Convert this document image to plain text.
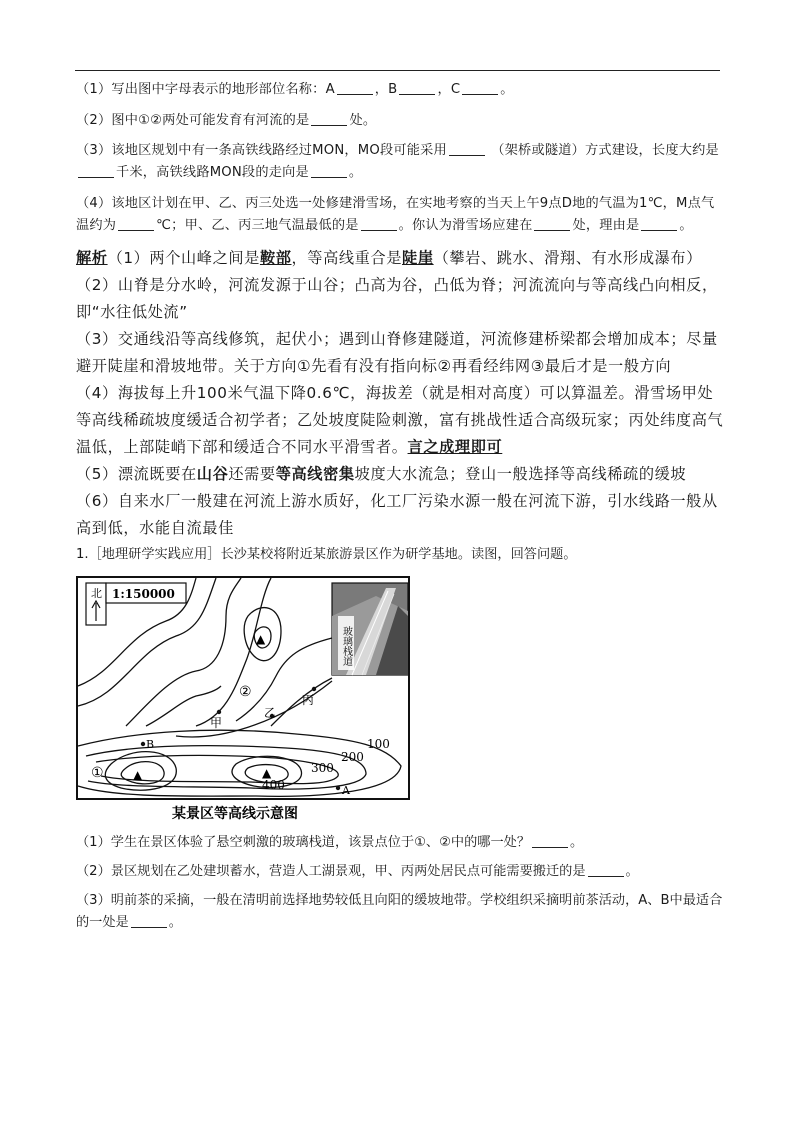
（1）写出图中字母表示的地形部位名称：A	，B	，C	。

（2）图中①②两处可能发育有河流的是	处。

（3）该地区规划中有一条高铁线路经过MON，MO段可能采用	（架桥或隧道）方式建设，长度大约是千米，高铁线路MON段的走向是	。

（4）该地区计划在甲、乙、丙三处选一处修建滑雪场，在实地考察的当天上午9点D地的气温为1℃，M点气温约为	℃；甲、乙、丙三地气温最低的是	。你认为滑雪场应建在	处，理由是	。

解析（1）两个山峰之间是鞍部，等高线重合是陡崖（攀岩、跳水、滑翔、有水形成瀑布）

（2）山脊是分水岭，河流发源于山谷；凸高为谷，凸低为脊；河流流向与等高线凸向相反，即“水往低处流”

（3）交通线沿等高线修筑，起伏小；遇到山脊修建隧道，河流修建桥梁都会增加成本；尽量避开陡崖和滑坡地带。关于方向①先看有没有指向标②再看经纬网③最后才是一般方向

（4）海拔每上升100米气温下降0.6℃，海拔差（就是相对高度）可以算温差。滑雪场甲处等高线稀疏坡度缓适合初学者；乙处坡度陡险刺激，富有挑战性适合高级玩家；丙处纬度高气温低，上部陡峭下部和缓适合不同水平滑雪者。言之成理即可

（5）漂流既要在山谷还需要等高线密集坡度大水流急；登山一般选择等高线稀疏的缓坡

（6）自来水厂一般建在河流上游水质好，化工厂污染水源一般在河流下游，引水线路一般从高到低，水能自流最佳

1.［地理研学实践应用］长沙某校将附近某旅游景区作为研学基地。读图，回答问题。

北 1:150000
玻璃栈道
▲
②
▲	▲
①
B
A
甲
乙
丙
100
200
300
400
某景区等高线示意图

（1）学生在景区体验了悬空刺激的玻璃栈道，该景点位于①、②中的哪一处？	。

（2）景区规划在乙处建坝蓄水，营造人工湖景观，甲、丙两处居民点可能需要搬迁的是	。

（3）明前茶的采摘，一般在清明前选择地势较低且向阳的缓坡地带。学校组织采摘明前茶活动，A、B中最适合的一处是	。
